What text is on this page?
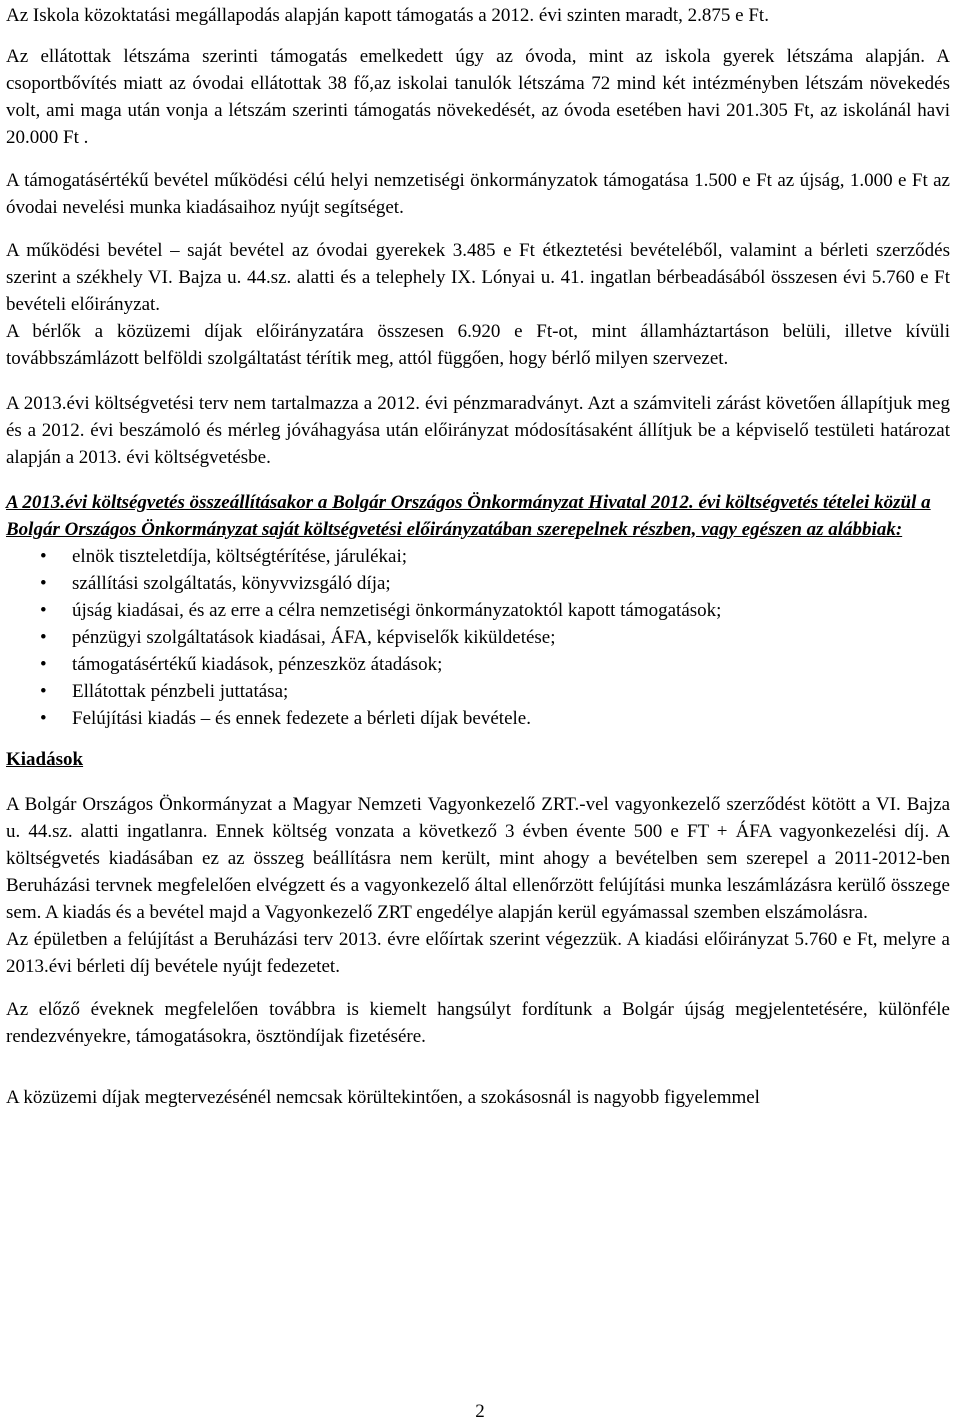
Az Iskola közoktatási megállapodás alapján kapott támogatás a 2012. évi szinten maradt, 2.875 e Ft.

Az ellátottak létszáma szerinti támogatás emelkedett úgy az óvoda, mint az iskola gyerek létszáma alapján. A csoportbővítés miatt az óvodai ellátottak 38 fő,az iskolai tanulók létszáma 72 mind két intézményben létszám növekedés volt, ami maga után vonja a létszám szerinti támogatás növekedését, az óvoda esetében havi 201.305 Ft, az iskolánál havi 20.000 Ft .

A támogatásértékű bevétel működési célú helyi nemzetiségi önkormányzatok támogatása 1.500 e Ft az újság, 1.000 e Ft az óvodai nevelési munka kiadásaihoz nyújt segítséget.

A működési bevétel – saját bevétel az óvodai gyerekek 3.485 e Ft étkeztetési bevételéből, valamint a bérleti szerződés szerint a székhely VI. Bajza u. 44.sz. alatti és a telephely IX. Lónyai u. 41. ingatlan bérbeadásából összesen évi 5.760 e Ft bevételi előirányzat.

A bérlők a közüzemi díjak előirányzatára összesen 6.920 e Ft-ot, mint államháztartáson belüli, illetve kívüli továbbszámlázott belföldi szolgáltatást térítik meg, attól függően, hogy bérlő milyen szervezet.

A 2013.évi költségvetési terv nem tartalmazza a 2012. évi pénzmaradványt. Azt a számviteli zárást követően állapítjuk meg és a 2012. évi beszámoló és mérleg jóváhagyása után előirányzat módosításaként állítjuk be a képviselő testületi határozat alapján a 2013. évi költségvetésbe.

A 2013.évi költségvetés összeállításakor a Bolgár Országos Önkormányzat Hivatal 2012. évi költségvetés tételei közül a Bolgár Országos Önkormányzat saját költségvetési előirányzatában szerepelnek részben, vagy egészen az alábbiak:

• elnök tiszteletdíja, költségtérítése, járulékai;
• szállítási szolgáltatás, könyvvizsgáló díja;
• újság kiadásai, és az erre a célra nemzetiségi önkormányzatoktól kapott támogatások;
• pénzügyi szolgáltatások kiadásai, ÁFA, képviselők kiküldetése;
• támogatásértékű kiadások, pénzeszköz átadások;
• Ellátottak pénzbeli juttatása;
• Felújítási kiadás – és ennek fedezete a bérleti díjak bevétele.

Kiadások

A Bolgár Országos Önkormányzat a Magyar Nemzeti Vagyonkezelő ZRT.-vel vagyonkezelő szerződést kötött a VI. Bajza u. 44.sz. alatti ingatlanra. Ennek költség vonzata a következő 3 évben évente 500 e FT + ÁFA vagyonkezelési díj. A költségvetés kiadásában ez az összeg beállításra nem került, mint ahogy a bevételben sem szerepel a 2011-2012-ben Beruházási tervnek megfelelően elvégzett és a vagyonkezelő által ellenőrzött felújítási munka leszámlázásra kerülő összege sem. A kiadás és a bevétel majd a Vagyonkezelő ZRT engedélye alapján kerül egyámassal szemben elszámolásra.

Az épületben a felújítást a Beruházási terv 2013. évre előírtak szerint végezzük. A kiadási előirányzat 5.760 e Ft, melyre a 2013.évi bérleti díj bevétele nyújt fedezetet.

Az előző éveknek megfelelően továbbra is kiemelt hangsúlyt fordítunk a Bolgár újság megjelentetésére, különféle rendezvényekre, támogatásokra, ösztöndíjak fizetésére.

A közüzemi díjak megtervezésénél nemcsak körültekintően, a szokásosnál is nagyobb figyelemmel

2
